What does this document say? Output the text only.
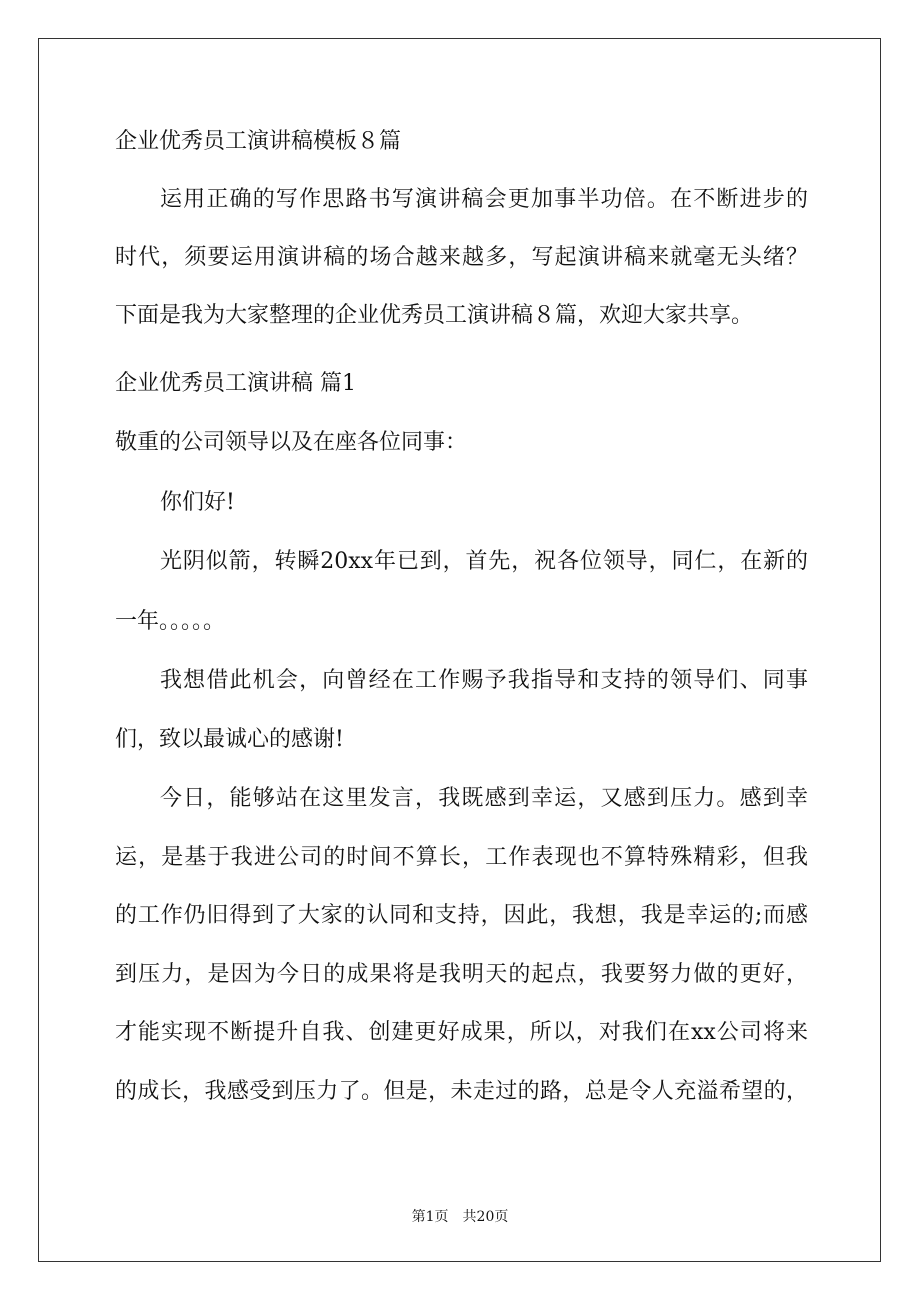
企业优秀员工演讲稿模板８篇
运用正确的写作思路书写演讲稿会更加事半功倍。在不断进步的
时代，须要运用演讲稿的场合越来越多，写起演讲稿来就毫无头绪？
下面是我为大家整理的企业优秀员工演讲稿８篇，欢迎大家共享。
企业优秀员工演讲稿 篇1
敬重的公司领导以及在座各位同事：
你们好!
光阴似箭，转瞬20xx年已到，首先，祝各位领导，同仁，在新的
一年。。。。。
我想借此机会，向曾经在工作赐予我指导和支持的领导们、同事
们，致以最诚心的感谢!
今日，能够站在这里发言，我既感到幸运，又感到压力。感到幸
运，是基于我进公司的时间不算长，工作表现也不算特殊精彩，但我
的工作仍旧得到了大家的认同和支持，因此，我想，我是幸运的;而感
到压力，是因为今日的成果将是我明天的起点，我要努力做的更好，
才能实现不断提升自我、创建更好成果，所以，对我们在xx公司将来
的成长，我感受到压力了。但是，未走过的路，总是令人充溢希望的，
第1页　共20页
